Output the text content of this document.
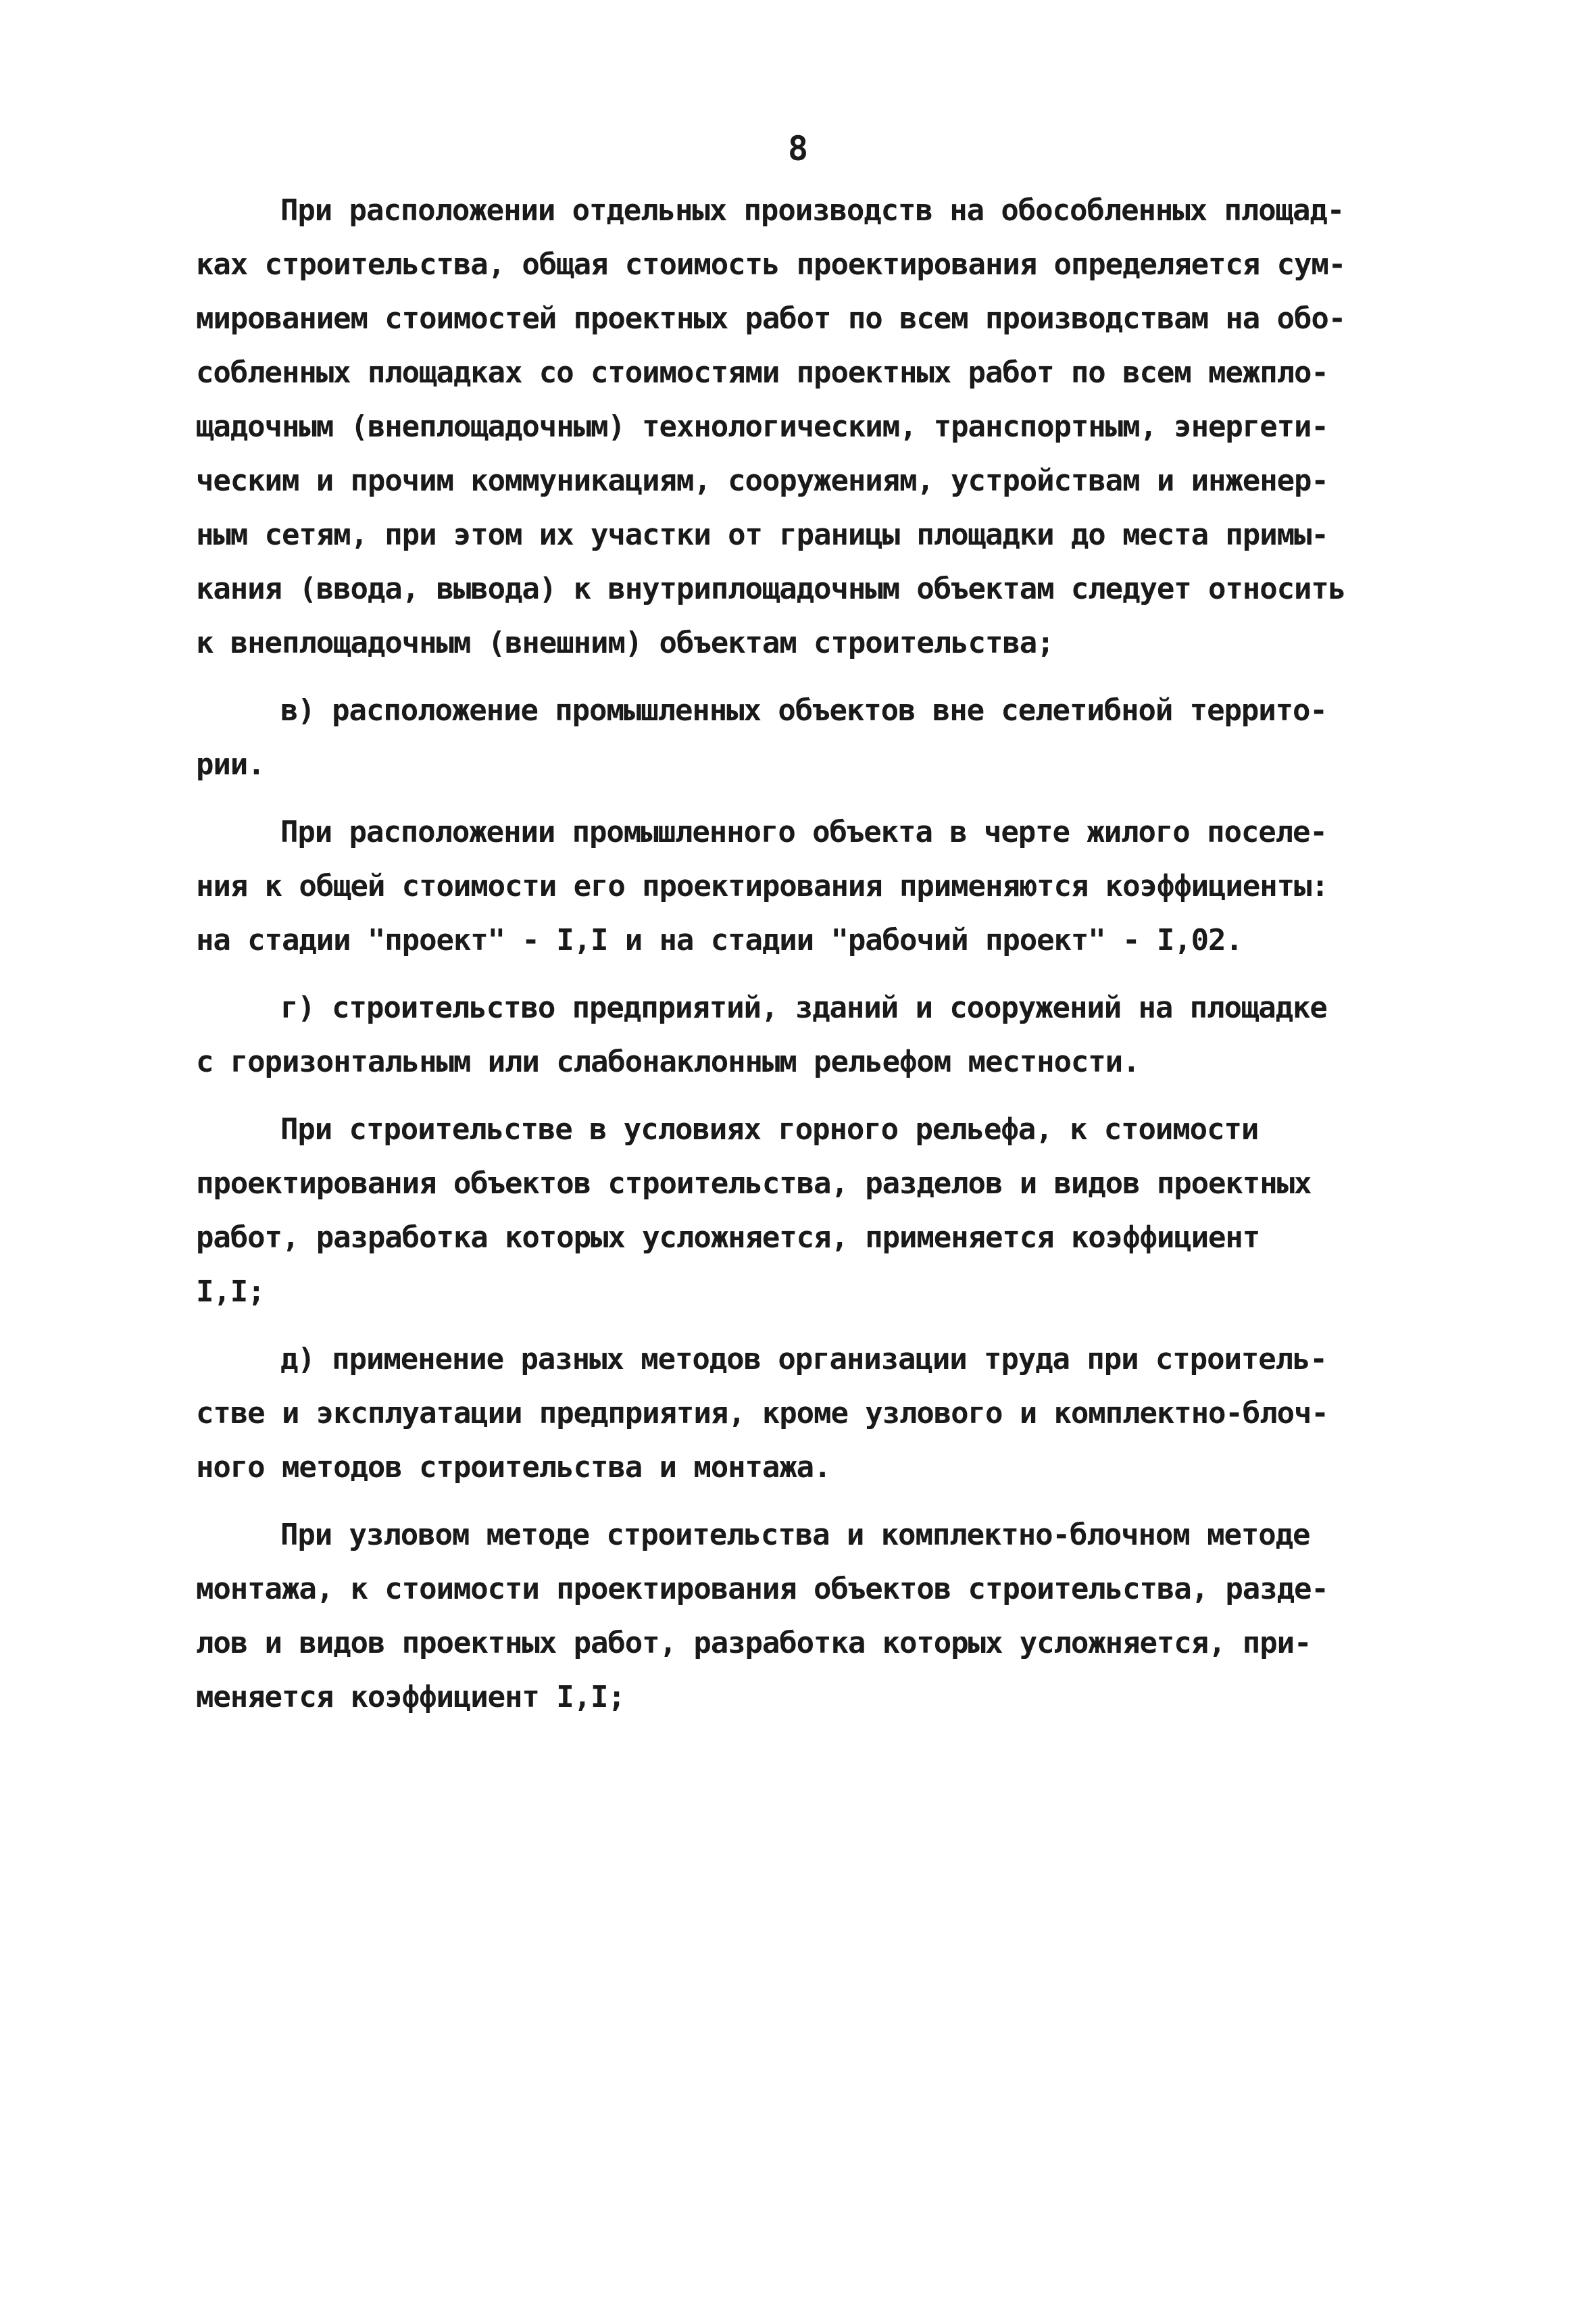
8

При расположении отдельных производств на обособленных площад-
ках строительства, общая стоимость проектирования определяется сум-
мированием стоимостей проектных работ по всем производствам на обо-
собленных площадках со стоимостями проектных работ по всем межпло-
щадочным (внеплощадочным) технологическим, транспортным, энергети-
ческим и прочим коммуникациям, сооружениям, устройствам и инженер-
ным сетям, при этом их участки от границы площадки до места примы-
кания (ввода, вывода) к внутриплощадочным объектам следует относить
к внеплощадочным (внешним) объектам строительства;

в) расположение промышленных объектов вне селетибной террито-
рии.

При расположении промышленного объекта в черте жилого поселе-
ния к общей стоимости его проектирования применяются коэффициенты:
на стадии "проект" - I,I и на стадии "рабочий проект" - I,02.

г) строительство предприятий, зданий и сооружений на площадке
с горизонтальным или слабонаклонным рельефом местности.

При строительстве в условиях горного рельефа, к стоимости
проектирования объектов строительства, разделов и видов проектных
работ, разработка которых усложняется, применяется коэффициент
I,I;

д) применение разных методов организации труда при строитель-
стве и эксплуатации предприятия, кроме узлового и комплектно-блоч-
ного методов строительства и монтажа.

При узловом методе строительства и комплектно-блочном методе
монтажа, к стоимости проектирования объектов строительства, разде-
лов и видов проектных работ, разработка которых усложняется, при-
меняется коэффициент I,I;
